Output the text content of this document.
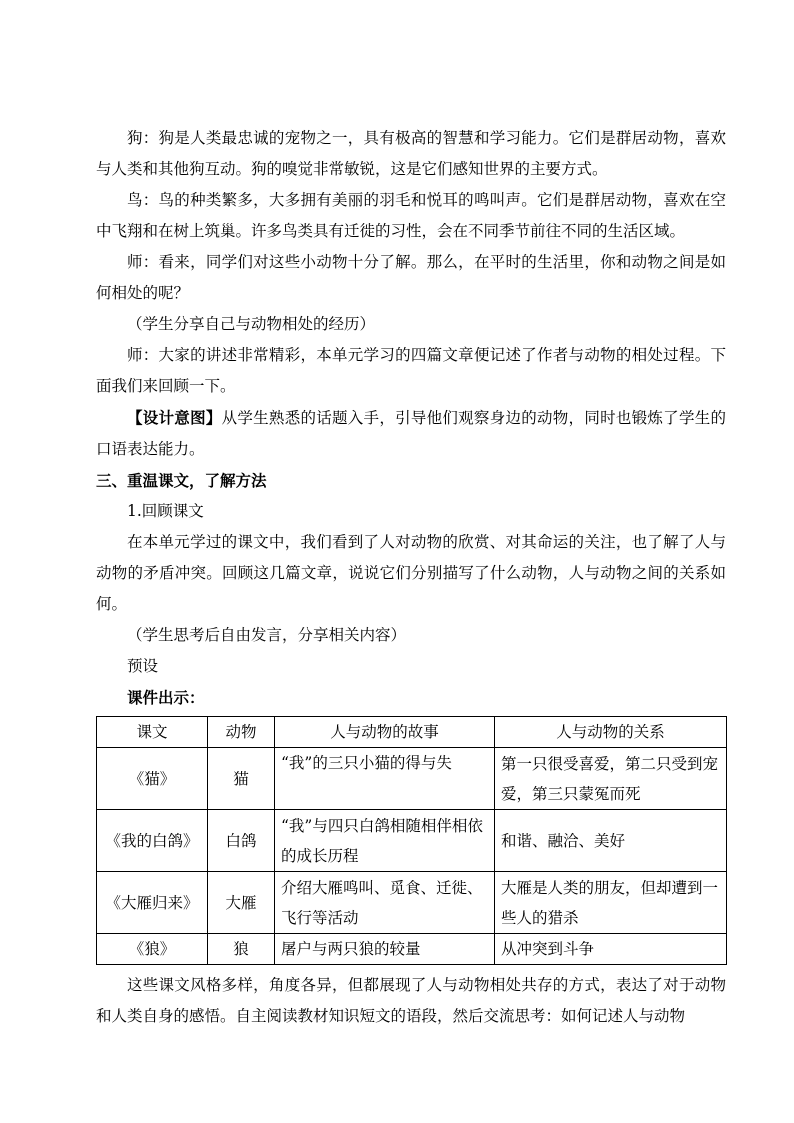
狗：狗是人类最忠诚的宠物之一，具有极高的智慧和学习能力。它们是群居动物，喜欢与人类和其他狗互动。狗的嗅觉非常敏锐，这是它们感知世界的主要方式。

鸟：鸟的种类繁多，大多拥有美丽的羽毛和悦耳的鸣叫声。它们是群居动物，喜欢在空中飞翔和在树上筑巢。许多鸟类具有迁徙的习性，会在不同季节前往不同的生活区域。

师：看来，同学们对这些小动物十分了解。那么，在平时的生活里，你和动物之间是如何相处的呢？

（学生分享自己与动物相处的经历）

师：大家的讲述非常精彩，本单元学习的四篇文章便记述了作者与动物的相处过程。下面我们来回顾一下。

【设计意图】从学生熟悉的话题入手，引导他们观察身边的动物，同时也锻炼了学生的口语表达能力。

三、重温课文，了解方法

1.回顾课文

在本单元学过的课文中，我们看到了人对动物的欣赏、对其命运的关注，也了解了人与动物的矛盾冲突。回顾这几篇文章，说说它们分别描写了什么动物，人与动物之间的关系如何。

（学生思考后自由发言，分享相关内容）

预设

课件出示：

课文	动物	人与动物的故事	人与动物的关系
《猫》	猫	“我”的三只小猫的得与失	第一只很受喜爱，第二只受到宠爱，第三只蒙冤而死
《我的白鸽》	白鸽	“我”与四只白鸽相随相伴相依的成长历程	和谐、融洽、美好
《大雁归来》	大雁	介绍大雁鸣叫、觅食、迁徙、飞行等活动	大雁是人类的朋友，但却遭到一些人的猎杀
《狼》	狼	屠户与两只狼的较量	从冲突到斗争

这些课文风格多样，角度各异，但都展现了人与动物相处共存的方式，表达了对于动物和人类自身的感悟。自主阅读教材知识短文的语段，然后交流思考：如何记述人与动物
